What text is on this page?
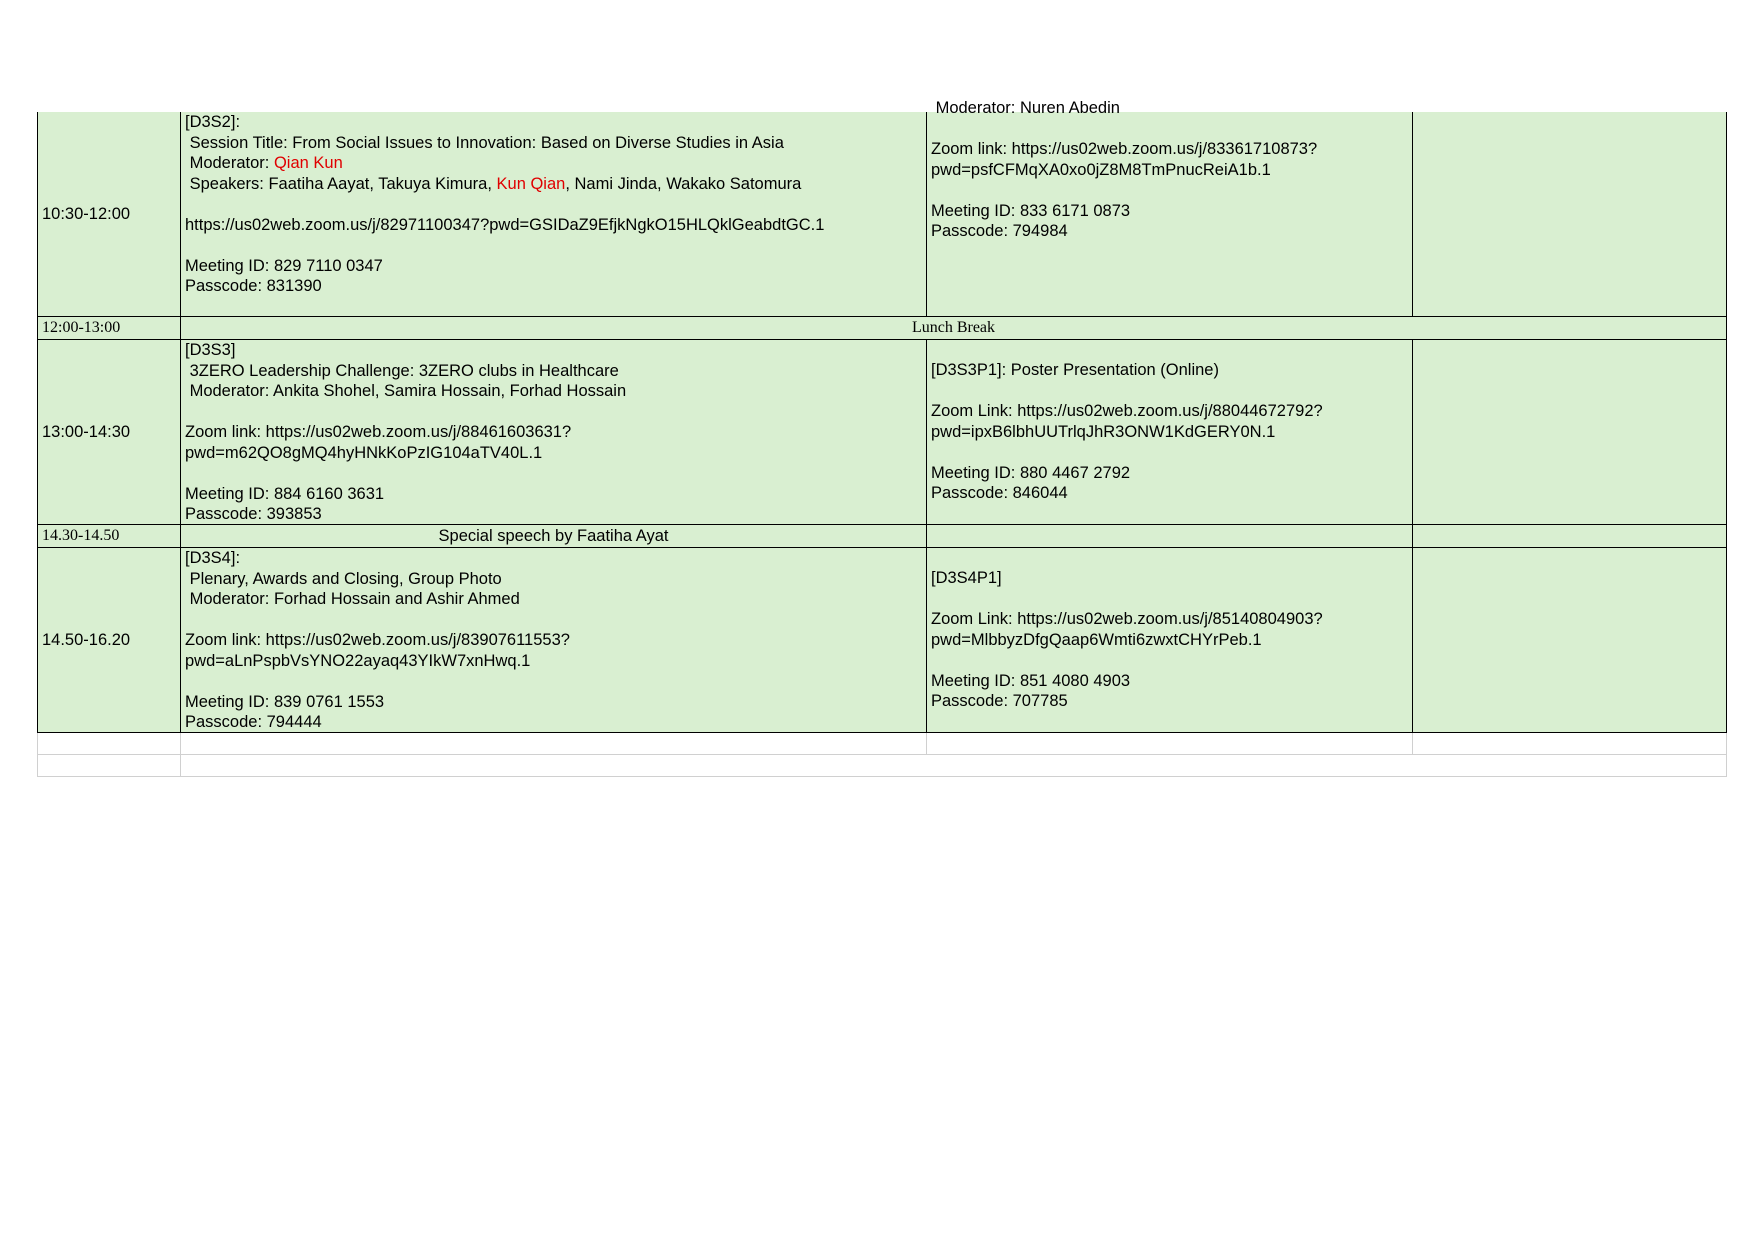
10:30-12:00
[D3S2]:
Session Title: From Social Issues to Innovation: Based on Diverse Studies in Asia
Moderator: Qian Kun
Speakers: Faatiha Aayat, Takuya Kimura, Kun Qian, Nami Jinda, Wakako Satomura

https://us02web.zoom.us/j/82971100347?pwd=GSIDaZ9EfjkNgkO15HLQklGeabdtGC.1

Meeting ID: 829 7110 0347
Passcode: 831390
Moderator: Nuren Abedin

Zoom link: https://us02web.zoom.us/j/83361710873?
pwd=psfCFMqXA0xo0jZ8M8TmPnucReiA1b.1

Meeting ID: 833 6171 0873
Passcode: 794984
12:00-13:00	Lunch Break
13:00-14:30
[D3S3]
3ZERO Leadership Challenge: 3ZERO clubs in Healthcare
Moderator: Ankita Shohel, Samira Hossain, Forhad Hossain

Zoom link: https://us02web.zoom.us/j/88461603631?
pwd=m62QO8gMQ4hyHNkKoPzIG104aTV40L.1

Meeting ID: 884 6160 3631
Passcode: 393853
[D3S3P1]: Poster Presentation (Online)

Zoom Link: https://us02web.zoom.us/j/88044672792?
pwd=ipxB6lbhUUTrlqJhR3ONW1KdGERY0N.1

Meeting ID: 880 4467 2792
Passcode: 846044
14.30-14.50	Special speech by Faatiha Ayat
14.50-16.20
[D3S4]:
Plenary, Awards and Closing, Group Photo
Moderator: Forhad Hossain and Ashir Ahmed

Zoom link: https://us02web.zoom.us/j/83907611553?
pwd=aLnPspbVsYNO22ayaq43YIkW7xnHwq.1

Meeting ID: 839 0761 1553
Passcode: 794444
[D3S4P1]

Zoom Link: https://us02web.zoom.us/j/85140804903?
pwd=MlbbyzDfgQaap6Wmti6zwxtCHYrPeb.1

Meeting ID: 851 4080 4903
Passcode: 707785
